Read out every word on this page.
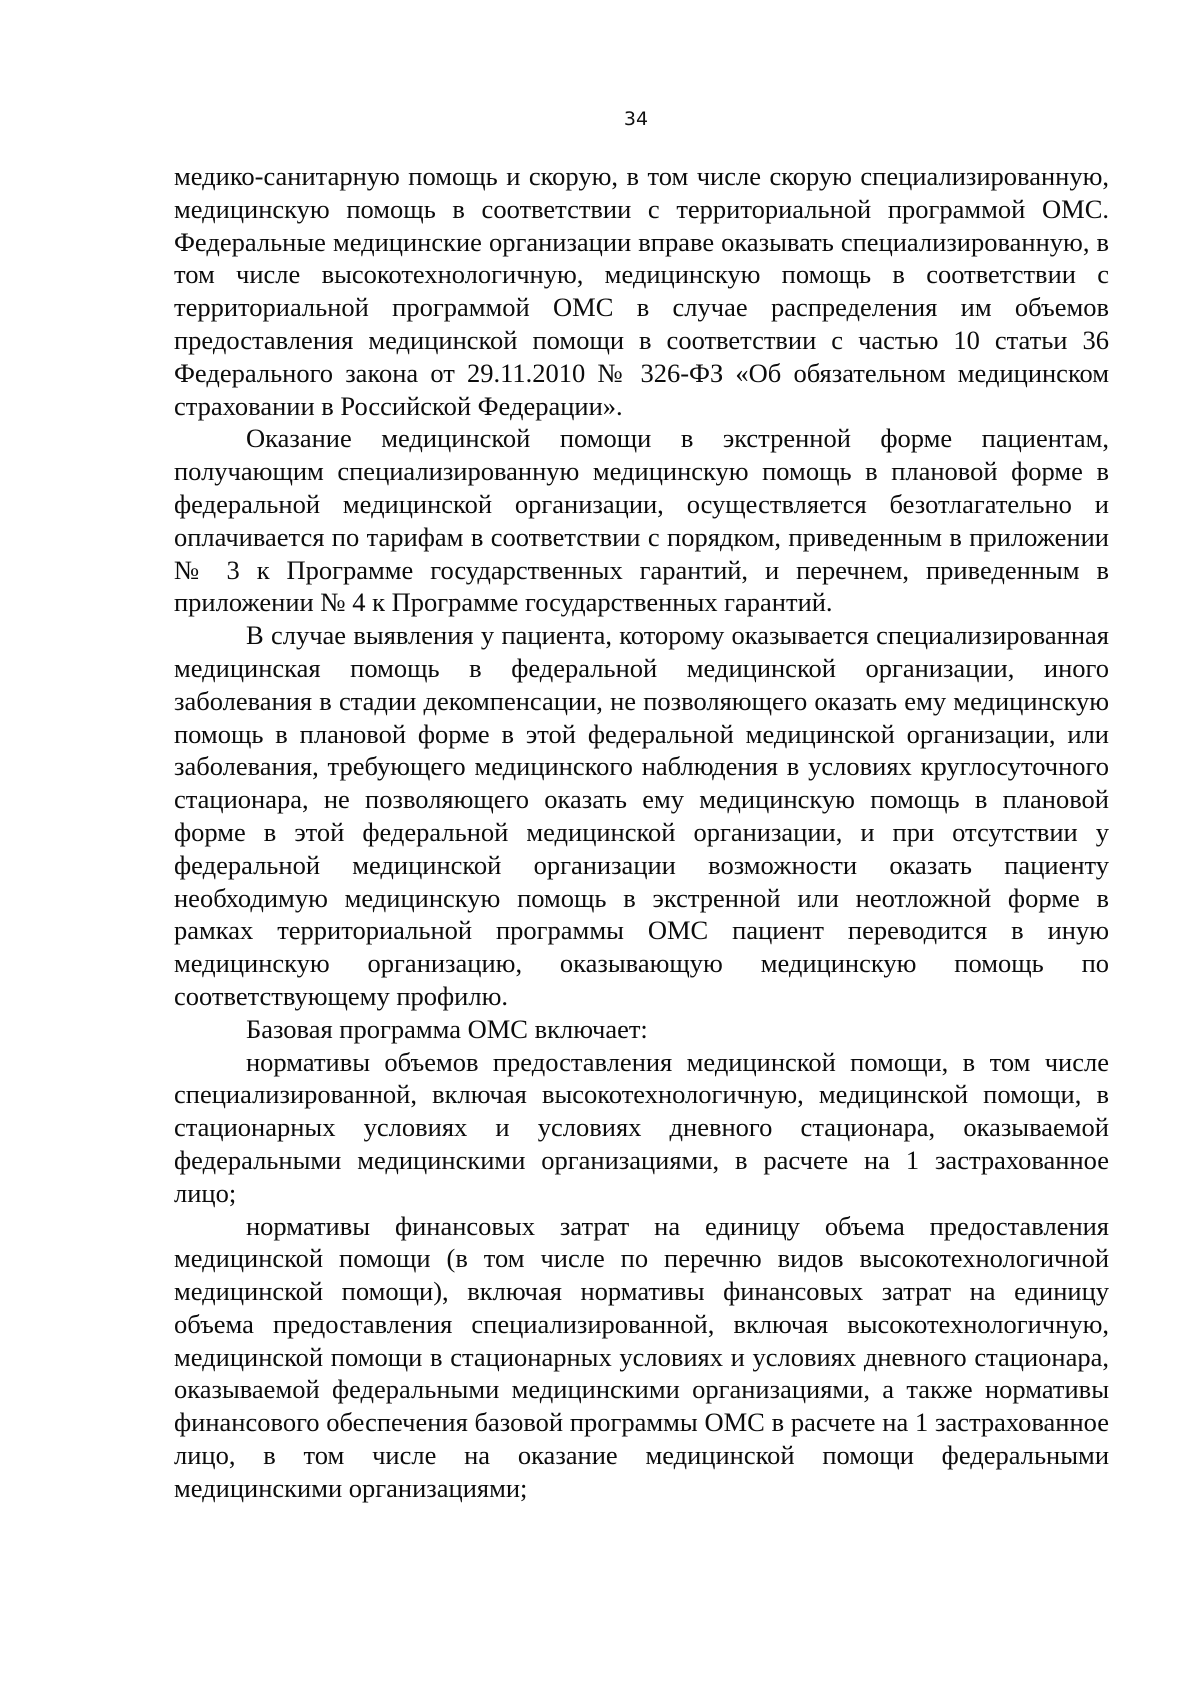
34

медико-санитарную помощь и скорую, в том числе скорую специализированную, медицинскую помощь в соответствии с территориальной программой ОМС. Федеральные медицинские организации вправе оказывать специализированную, в том числе высокотехнологичную, медицинскую помощь в соответствии с территориальной программой ОМС в случае распределения им объемов предоставления медицинской помощи в соответствии с частью 10 статьи 36 Федерального закона от 29.11.2010 № 326-ФЗ «Об обязательном медицинском страховании в Российской Федерации».

Оказание медицинской помощи в экстренной форме пациентам, получающим специализированную медицинскую помощь в плановой форме в федеральной медицинской организации, осуществляется безотлагательно и оплачивается по тарифам в соответствии с порядком, приведенным в приложении № 3 к Программе государственных гарантий, и перечнем, приведенным в приложении № 4 к Программе государственных гарантий.

В случае выявления у пациента, которому оказывается специализированная медицинская помощь в федеральной медицинской организации, иного заболевания в стадии декомпенсации, не позволяющего оказать ему медицинскую помощь в плановой форме в этой федеральной медицинской организации, или заболевания, требующего медицинского наблюдения в условиях круглосуточного стационара, не позволяющего оказать ему медицинскую помощь в плановой форме в этой федеральной медицинской организации, и при отсутствии у федеральной медицинской организации возможности оказать пациенту необходимую медицинскую помощь в экстренной или неотложной форме в рамках территориальной программы ОМС пациент переводится в иную медицинскую организацию, оказывающую медицинскую помощь по соответствующему профилю.

Базовая программа ОМС включает:

нормативы объемов предоставления медицинской помощи, в том числе специализированной, включая высокотехнологичную, медицинской помощи, в стационарных условиях и условиях дневного стационара, оказываемой федеральными медицинскими организациями, в расчете на 1 застрахованное лицо;

нормативы финансовых затрат на единицу объема предоставления медицинской помощи (в том числе по перечню видов высокотехнологичной медицинской помощи), включая нормативы финансовых затрат на единицу объема предоставления специализированной, включая высокотехнологичную, медицинской помощи в стационарных условиях и условиях дневного стационара, оказываемой федеральными медицинскими организациями, а также нормативы финансового обеспечения базовой программы ОМС в расчете на 1 застрахованное лицо, в том числе на оказание медицинской помощи федеральными медицинскими организациями;
